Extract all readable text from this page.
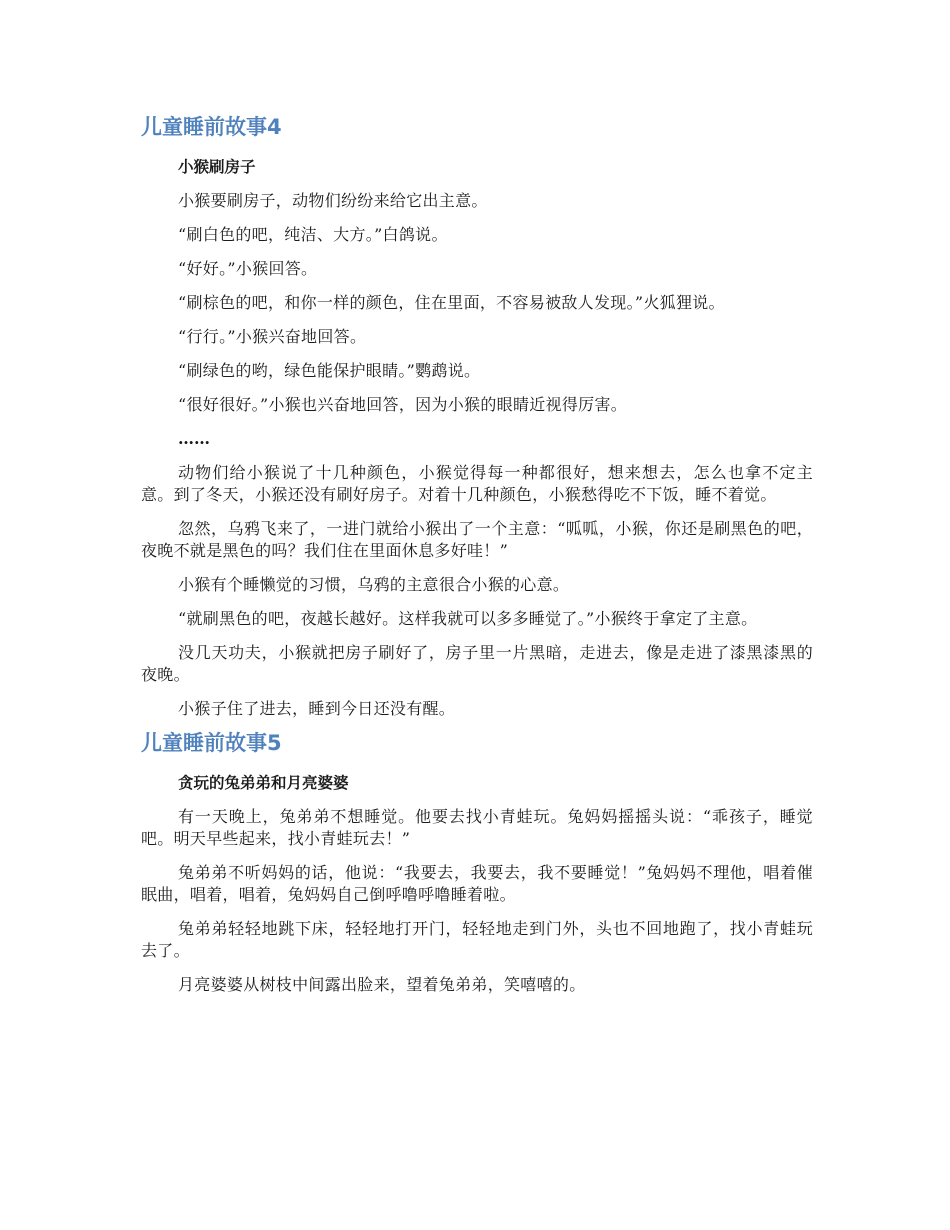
儿童睡前故事4
小猴刷房子

小猴要刷房子，动物们纷纷来给它出主意。

“刷白色的吧，纯洁、大方。”白鸽说。

“好好。”小猴回答。

“刷棕色的吧，和你一样的颜色，住在里面，不容易被敌人发现。”火狐狸说。

“行行。”小猴兴奋地回答。

“刷绿色的哟，绿色能保护眼睛。”鹦鹉说。

“很好很好。”小猴也兴奋地回答，因为小猴的眼睛近视得厉害。

……

动物们给小猴说了十几种颜色，小猴觉得每一种都很好，想来想去，怎么也拿不定主意。到了冬天，小猴还没有刷好房子。对着十几种颜色，小猴愁得吃不下饭，睡不着觉。

忽然，乌鸦飞来了，一进门就给小猴出了一个主意：“呱呱，小猴，你还是刷黑色的吧，夜晚不就是黑色的吗？我们住在里面休息多好哇！”

小猴有个睡懒觉的习惯，乌鸦的主意很合小猴的心意。

“就刷黑色的吧，夜越长越好。这样我就可以多多睡觉了。”小猴终于拿定了主意。

没几天功夫，小猴就把房子刷好了，房子里一片黑暗，走进去，像是走进了漆黑漆黑的夜晚。

小猴子住了进去，睡到今日还没有醒。

儿童睡前故事5
贪玩的兔弟弟和月亮婆婆

有一天晚上，兔弟弟不想睡觉。他要去找小青蛙玩。兔妈妈摇摇头说：“乖孩子，睡觉吧。明天早些起来，找小青蛙玩去！”

兔弟弟不听妈妈的话，他说：“我要去，我要去，我不要睡觉！”兔妈妈不理他，唱着催眠曲，唱着，唱着，兔妈妈自己倒呼噜呼噜睡着啦。

兔弟弟轻轻地跳下床，轻轻地打开门，轻轻地走到门外，头也不回地跑了，找小青蛙玩去了。

月亮婆婆从树枝中间露出脸来，望着兔弟弟，笑嘻嘻的。
